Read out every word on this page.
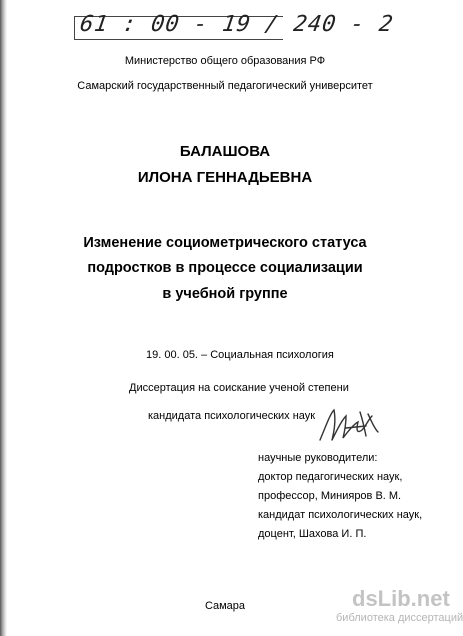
61 : 00 - 19 / 240 - 2
Министерство общего образования РФ
Самарский государственный педагогический университет
БАЛАШОВА
ИЛОНА ГЕННАДЬЕВНА
Изменение социометрического статуса
подростков в процессе социализации
в учебной группе
19. 00. 05. – Социальная психология
Диссертация на соискание ученой степени
кандидата психологических наук
научные руководители:
доктор педагогических наук,
профессор, Минияров В. М.
кандидат психологических наук,
доцент, Шахова И. П.
Самара	dsLib.net
библиотека диссертаций
